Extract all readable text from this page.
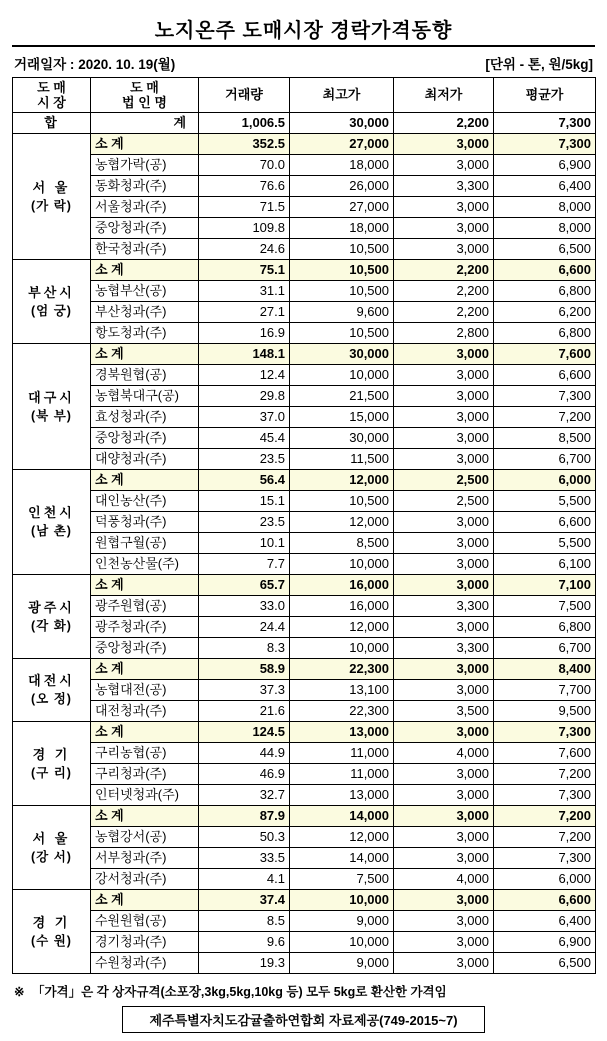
노지온주 도매시장 경락가격동향
거래일자 : 2020. 10. 19(월)	[단위 - 톤, 원/5kg]
도 매
시 장

도 매
법 인 명
	거래량	최고가	최저가	평균가
합	계	1,006.5	30,000	2,200	7,300

서 울
(가 락)	소 계	352.5	27,000	3,000	7,300
	농협가락(공)	70.0	18,000	3,000	6,900
	동화청과(주)	76.6	26,000	3,300	6,400
	서울청과(주)	71.5	27,000	3,000	8,000
	중앙청과(주)	109.8	18,000	3,000	8,000
	한국청과(주)	24.6	10,500	3,000	6,500

부산시
(엄 궁)	소 계	75.1	10,500	2,200	6,600
	농협부산(공)	31.1	10,500	2,200	6,800
	부산청과(주)	27.1	9,600	2,200	6,200
	항도청과(주)	16.9	10,500	2,800	6,800

대구시
(북 부)	소 계	148.1	30,000	3,000	7,600
	경북원협(공)	12.4	10,000	3,000	6,600
	농협북대구(공)	29.8	21,500	3,000	7,300
	효성청과(주)	37.0	15,000	3,000	7,200
	중앙청과(주)	45.4	30,000	3,000	8,500
	대양청과(주)	23.5	11,500	3,000	6,700

인천시
(남 촌)	소 계	56.4	12,000	2,500	6,000
	대인농산(주)	15.1	10,500	2,500	5,500
	덕풍청과(주)	23.5	12,000	3,000	6,600
	원협구월(공)	10.1	8,500	3,000	5,500
	인천농산물(주)	7.7	10,000	3,000	6,100

광주시
(각 화)	소 계	65.7	16,000	3,000	7,100
	광주원협(공)	33.0	16,000	3,300	7,500
	광주청과(주)	24.4	12,000	3,000	6,800
	중앙청과(주)	8.3	10,000	3,300	6,700

대전시
(오 정)	소 계	58.9	22,300	3,000	8,400
	농협대전(공)	37.3	13,100	3,000	7,700
	대전청과(주)	21.6	22,300	3,500	9,500

경 기
(구 리)	소 계	124.5	13,000	3,000	7,300
	구리농협(공)	44.9	11,000	4,000	7,600
	구리청과(주)	46.9	11,000	3,000	7,200
	인터넷청과(주)	32.7	13,000	3,000	7,300

서 울
(강 서)	소 계	87.9	14,000	3,000	7,200
	농협강서(공)	50.3	12,000	3,000	7,200
	서부청과(주)	33.5	14,000	3,000	7,300
	강서청과(주)	4.1	7,500	4,000	6,000

경 기
(수 원)	소 계	37.4	10,000	3,000	6,600
	수원원협(공)	8.5	9,000	3,000	6,400
	경기청과(주)	9.6	10,000	3,000	6,900
	수원청과(주)	19.3	9,000	3,000	6,500
※ 「가격」은 각 상자규격(소포장,3kg,5kg,10kg 등) 모두 5kg로 환산한 가격임
제주특별자치도감귤출하연합회 자료제공(749-2015~7)
